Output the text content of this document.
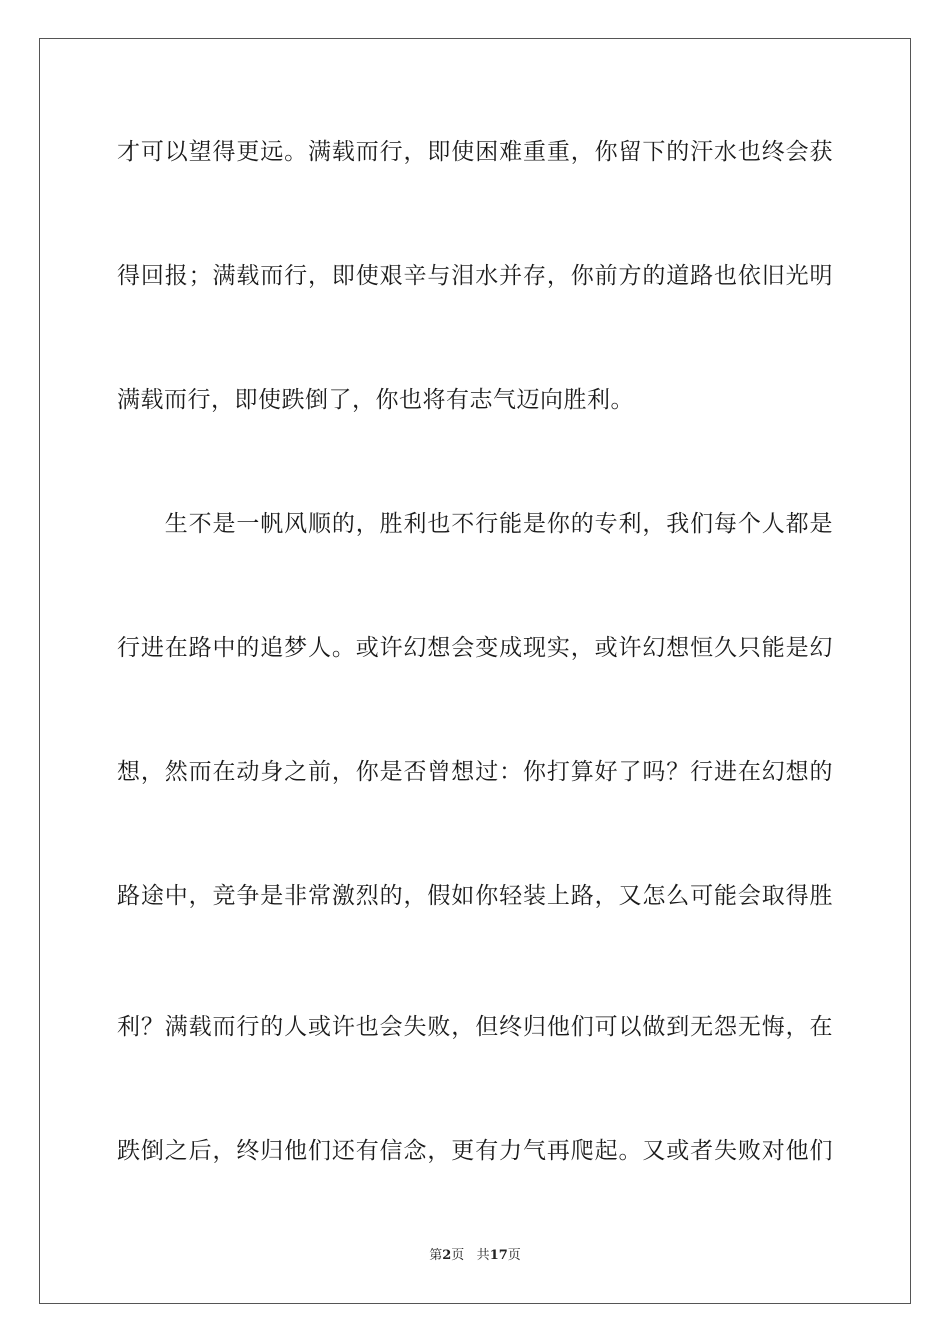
才可以望得更远。满载而行，即使困难重重，你留下的汗水也终会获
得回报；满载而行，即使艰辛与泪水并存，你前方的道路也依旧光明
满载而行，即使跌倒了，你也将有志气迈向胜利。
　　生不是一帆风顺的，胜利也不行能是你的专利，我们每个人都是
行进在路中的追梦人。或许幻想会变成现实，或许幻想恒久只能是幻
想，然而在动身之前，你是否曾想过：你打算好了吗？行进在幻想的
路途中，竞争是非常激烈的，假如你轻装上路，又怎么可能会取得胜
利？满载而行的人或许也会失败，但终归他们可以做到无怨无悔，在
跌倒之后，终归他们还有信念，更有力气再爬起。又或者失败对他们
第2页 共17页
